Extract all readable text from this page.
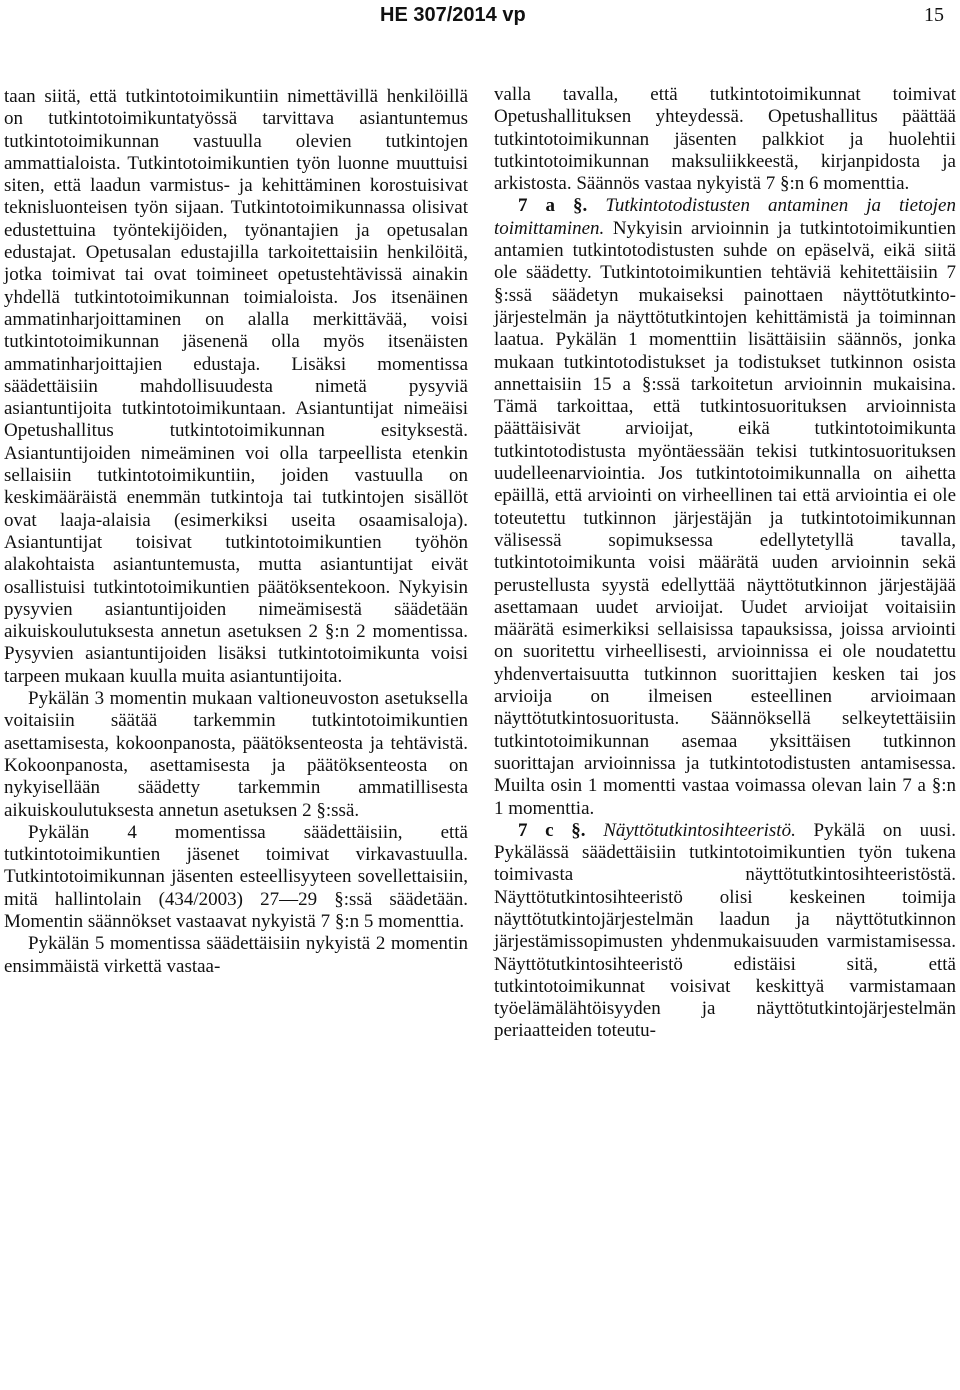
HE 307/2014 vp	15

taan siitä, että tutkintotoimikuntiin nimettävillä henkilöillä on tutkintotoimikuntatyössä tarvittava asiantuntemus tutkintotoimikunnan vastuulla olevien tutkintojen ammattialoista. Tutkintotoimikuntien työn luonne muuttuisi siten, että laadun varmistus- ja kehittäminen korostuisivat teknisluonteisen työn sijaan. Tutkintotoimikunnassa olisivat edustettuina työntekijöiden, työnantajien ja opetusalan edustajat. Opetusalan edustajilla tarkoitettaisiin henkilöitä, jotka toimivat tai ovat toimineet opetustehtävissä ainakin yhdellä tutkintotoimikunnan toimialoista. Jos itsenäinen ammatinharjoittaminen on alalla merkittävää, voisi tutkintotoimikunnan jäsenenä olla myös itsenäisten ammatinharjoittajien edustaja. Lisäksi momentissa säädettäisiin mahdollisuudesta nimetä pysyviä asiantuntijoita tutkintotoimikuntaan. Asiantuntijat nimeäisi Opetushallitus tutkintotoimikunnan esityksestä. Asiantuntijoiden nimeäminen voi olla tarpeellista etenkin sellaisiin tutkintotoimikuntiin, joiden vastuulla on keskimääräistä enemmän tutkintoja tai tutkintojen sisällöt ovat laaja-alaisia (esimerkiksi useita osaamisaloja). Asiantuntijat toisivat tutkintotoimikuntien työhön alakohtaista asiantuntemusta, mutta asiantuntijat eivät osallistuisi tutkintotoimikuntien päätöksentekoon. Nykyisin pysyvien asiantuntijoiden nimeämisestä säädetään aikuiskoulutuksesta annetun asetuksen 2 §:n 2 momentissa. Pysyvien asiantuntijoiden lisäksi tutkintotoimikunta voisi tarpeen mukaan kuulla muita asiantuntijoita.

Pykälän 3 momentin mukaan valtioneuvoston asetuksella voitaisiin säätää tarkemmin tutkintotoimikuntien asettamisesta, kokoonpanosta, päätöksenteosta ja tehtävistä. Kokoonpanosta, asettamisesta ja päätöksenteosta on nykyisellään säädetty tarkemmin ammatillisesta aikuiskoulutuksesta annetun asetuksen 2 §:ssä.

Pykälän 4 momentissa säädettäisiin, että tutkintotoimikuntien jäsenet toimivat virkavastuulla. Tutkintotoimikunnan jäsenten esteellisyyteen sovellettaisiin, mitä hallintolain (434/2003) 27—29 §:ssä säädetään. Momentin säännökset vastaavat nykyistä 7 §:n 5 momenttia.

Pykälän 5 momentissa säädettäisiin nykyistä 2 momentin ensimmäistä virkettä vastaa-

valla tavalla, että tutkintotoimikunnat toimivat Opetushallituksen yhteydessä. Opetushallitus päättää tutkintotoimikunnan jäsenten palkkiot ja huolehtii tutkintotoimikunnan maksuliikkeestä, kirjanpidosta ja arkistosta. Säännös vastaa nykyistä 7 §:n 6 momenttia.

7 a §. Tutkintotodistusten antaminen ja tietojen toimittaminen. Nykyisin arvioinnin ja tutkintotoimikuntien antamien tutkintotodistusten suhde on epäselvä, eikä siitä ole säädetty. Tutkintotoimikuntien tehtäviä kehitettäisiin 7 §:ssä säädetyn mukaiseksi painottaen näyttötutkinto-järjestelmän ja näyttötutkintojen kehittämistä ja toiminnan laatua. Pykälän 1 momenttiin lisättäisiin säännös, jonka mukaan tutkintotodistukset ja todistukset tutkinnon osista annettaisiin 15 a §:ssä tarkoitetun arvioinnin mukaisina. Tämä tarkoittaa, että tutkintosuorituksen arvioinnista päättäisivät arvioijat, eikä tutkintotoimikunta tutkintotodistusta myöntäessään tekisi tutkintosuorituksen uudelleenarviointia. Jos tutkintotoimikunnalla on aihetta epäillä, että arviointi on virheellinen tai että arviointia ei ole toteutettu tutkinnon järjestäjän ja tutkintotoimikunnan välisessä sopimuksessa edellytetyllä tavalla, tutkintotoimikunta voisi määrätä uuden arvioinnin sekä perustellusta syystä edellyttää näyttötutkinnon järjestäjää asettamaan uudet arvioijat. Uudet arvioijat voitaisiin määrätä esimerkiksi sellaisissa tapauksissa, joissa arviointi on suoritettu virheellisesti, arvioinnissa ei ole noudatettu yhdenvertaisuutta tutkinnon suorittajien kesken tai jos arvioija on ilmeisen esteellinen arvioimaan näyttötutkintosuoritusta. Säännöksellä selkeytettäisiin tutkintotoimikunnan asemaa yksittäisen tutkinnon suorittajan arvioinnissa ja tutkintotodistusten antamisessa. Muilta osin 1 momentti vastaa voimassa olevan lain 7 a §:n 1 momenttia.

7 c §. Näyttötutkintosihteeristö. Pykälä on uusi. Pykälässä säädettäisiin tutkintotoimikuntien työn tukena toimivasta näyttötutkintosihteeristöstä. Näyttötutkintosihteeristö olisi keskeinen toimija näyttötutkintojärjestelmän laadun ja näyttötutkinnon järjestämissopimusten yhdenmukaisuuden varmistamisessa. Näyttötutkintosihteeristö edistäisi sitä, että tutkintotoimikunnat voisivat keskittyä varmistamaan työelämälähtöisyyden ja näyttötutkintojärjestelmän periaatteiden toteutu-
